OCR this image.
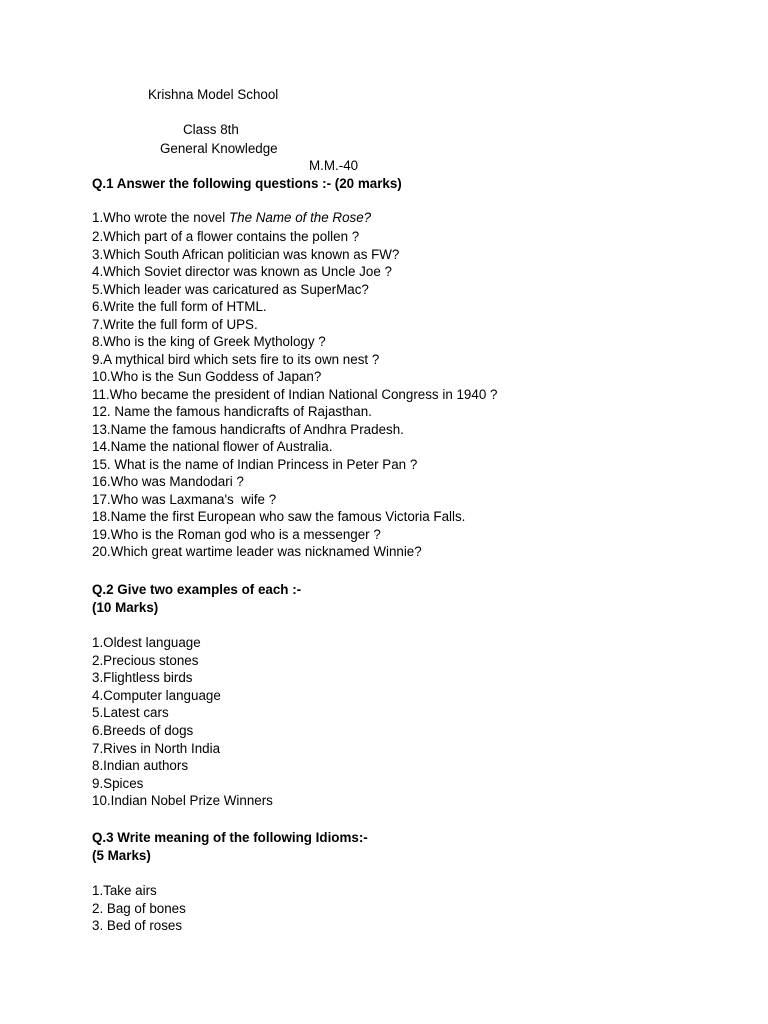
Krishna Model School
Class 8th
General Knowledge
M.M.-40
Q.1 Answer the following questions :- (20 marks)
1.Who wrote the novel The Name of the Rose?
2.Which part of a flower contains the pollen ?
3.Which South African politician was known as FW?
4.Which Soviet director was known as Uncle Joe ?
5.Which leader was caricatured as SuperMac?
6.Write the full form of HTML.
7.Write the full form of UPS.
8.Who is the king of Greek Mythology ?
9.A mythical bird which sets fire to its own nest ?
10.Who is the Sun Goddess of Japan?
11.Who became the president of Indian National Congress in 1940 ?
12. Name the famous handicrafts of Rajasthan.
13.Name the famous handicrafts of Andhra Pradesh.
14.Name the national flower of Australia.
15. What is the name of Indian Princess in Peter Pan ?
16.Who was Mandodari ?
17.Who was Laxmana's  wife ?
18.Name the first European who saw the famous Victoria Falls.
19.Who is the Roman god who is a messenger ?
20.Which great wartime leader was nicknamed Winnie?
Q.2 Give two examples of each :-
(10 Marks)
1.Oldest language
2.Precious stones
3.Flightless birds
4.Computer language
5.Latest cars
6.Breeds of dogs
7.Rives in North India
8.Indian authors
9.Spices
10.Indian Nobel Prize Winners
Q.3 Write meaning of the following Idioms:-
(5 Marks)
1.Take airs
2. Bag of bones
3. Bed of roses
